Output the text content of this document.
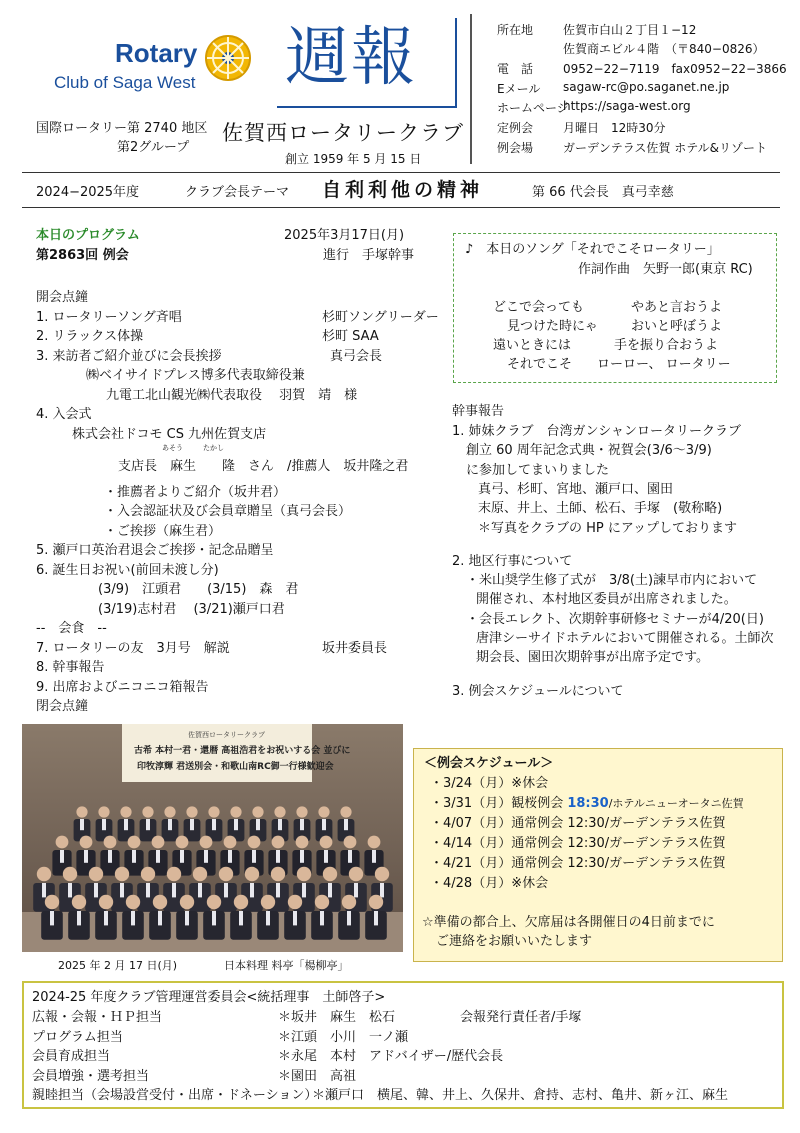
Rotary
Club of Saga West 週報
国際ロータリー第 2740 地区
第2グループ
佐賀西ロータリークラブ
創立 1959 年 5 月 15 日
所在地 佐賀市白山２丁目１−12
佐賀商エビル４階　（〒840−0826）
電　話 0952−22−7119　fax0952−22−3866
Eメール sagaw-rc@po.saganet.ne.jp
ホームページ
https://saga-west.org
定例会 月曜日　12時30分
例会場 ガーデンテラス佐賀 ホテル&リゾート
2024−2025年度	クラブ会長テーマ 自利利他の精神	第 66 代会長　真弓幸慈
本日のプログラム	2025年3月17日(月)
第2863回 例会	進行　手塚幹事
開会点鐘
1. ロータリーソング斉唱	杉町ソングリーダー
2. リラックス体操	杉町 SAA
3. 来訪者ご紹介並びに会長挨拶	真弓会長
㈱ベイサイドプレス博多代表取締役兼
九電工北山観光㈱代表取役　 羽賀　靖　様
4. 入会式
株式会社ドコモ CS 九州佐賀支店
支店長　麻生　　隆　さん　/推薦人　坂井隆之君
・推薦者よりご紹介（坂井君）
・入会認証状及び会員章贈呈（真弓会長）
・ご挨拶（麻生君）
5. 瀬戸口英治君退会ご挨拶・記念品贈呈
6. 誕生日お祝い(前回未渡し分)
(3/9)　江頭君　　(3/15)　森　君
(3/19)志村君　 (3/21)瀬戸口君
--　会食　--
7. ロータリーの友　3月号　解説	坂井委員長
8. 幹事報告
9. 出席およびニコニコ箱報告
閉会点鐘
あそう	たかし
♪　本日のソング「それでこそロータリー」
作詞作曲　矢野一郎(東京 RC)
どこで会っても	やあと言おうよ
見つけた時にゃ	おいと呼ぼうよ
遠いときには	手を振り合おうよ
それでこそ ローロー、 ロータリー
幹事報告
1. 姉妹クラブ　台湾ガンシャンロータリークラブ
創立 60 周年記念式典・祝賀会(3/6～3/9)
に参加してまいりました
真弓、杉町、宮地、瀬戸口、園田
末原、井上、土師、松石、手塚　(敬称略)
＊写真をクラブの HP にアップしております
2. 地区行事について
・米山奨学生修了式が　3/8(土)諫早市内において
開催され、本村地区委員が出席されました。
・会長エレクト、次期幹事研修セミナーが4/20(日)
唐津シーサイドホテルにおいて開催される。土師次
期会長、園田次期幹事が出席予定です。
3. 例会スケジュールについて
佐賀西ロータリークラブ
古希 本村一君・還暦 高祖浩君をお祝いする会 並びに
印牧淳輝 君送別会・和歌山南RC御一行様歓迎会
2025 年 2 月 17 日(月)	日本料理 料亭「楊柳亭」
＜例会スケジュール＞
・3/24（月）※休会
・3/31（月）観桜例会 18:30/ホテルニューオータニ佐賀
・4/07（月）通常例会 12:30/ガーデンテラス佐賀
・4/14（月）通常例会 12:30/ガーデンテラス佐賀
・4/21（月）通常例会 12:30/ガーデンテラス佐賀
・4/28（月）※休会
☆準備の都合上、欠席届は各開催日の4日前までに
ご連絡をお願いいたします
2024-25 年度クラブ管理運営委員会<統括理事　土師啓子>
広報・会報・ＨＰ担当	＊坂井　麻生　松石	会報発行責任者/手塚
プログラム担当	＊江頭　小川　一ノ瀬
会員育成担当	＊永尾　本村　アドバイザー/歴代会長
会員増強・選考担当	＊園田　高祖
親睦担当（会場設営受付・出席・ドネーション）
＊瀬戸口　横尾、韓、井上、久保井、倉持、志村、亀井、新ヶ江、麻生
